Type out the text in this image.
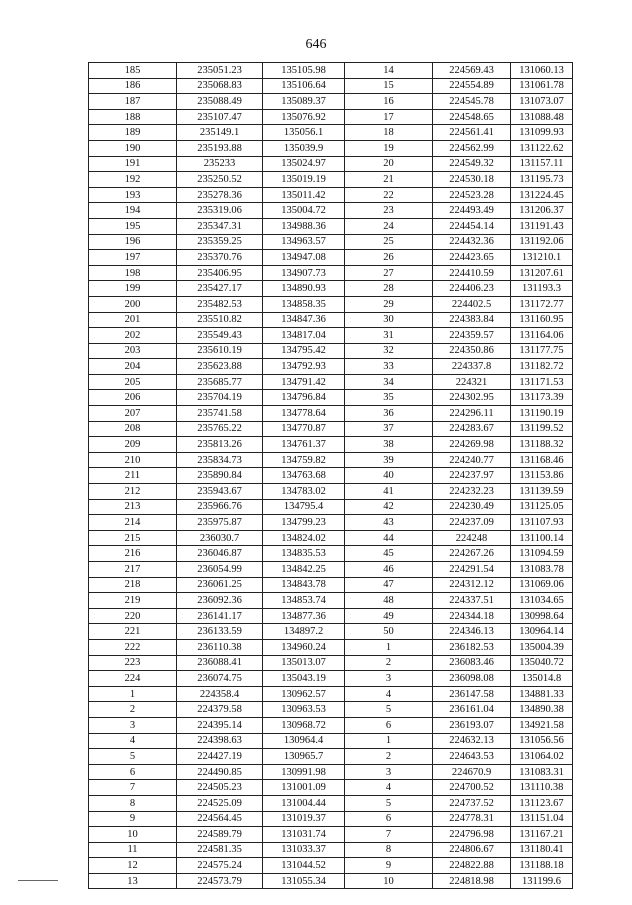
646
185	235051.23	135105.98	14	224569.43	131060.13
186	235068.83	135106.64	15	224554.89	131061.78
187	235088.49	135089.37	16	224545.78	131073.07
188	235107.47	135076.92	17	224548.65	131088.48
189	235149.1	135056.1	18	224561.41	131099.93
190	235193.88	135039.9	19	224562.99	131122.62
191	235233	135024.97	20	224549.32	131157.11
192	235250.52	135019.19	21	224530.18	131195.73
193	235278.36	135011.42	22	224523.28	131224.45
194	235319.06	135004.72	23	224493.49	131206.37
195	235347.31	134988.36	24	224454.14	131191.43
196	235359.25	134963.57	25	224432.36	131192.06
197	235370.76	134947.08	26	224423.65	131210.1
198	235406.95	134907.73	27	224410.59	131207.61
199	235427.17	134890.93	28	224406.23	131193.3
200	235482.53	134858.35	29	224402.5	131172.77
201	235510.82	134847.36	30	224383.84	131160.95
202	235549.43	134817.04	31	224359.57	131164.06
203	235610.19	134795.42	32	224350.86	131177.75
204	235623.88	134792.93	33	224337.8	131182.72
205	235685.77	134791.42	34	224321	131171.53
206	235704.19	134796.84	35	224302.95	131173.39
207	235741.58	134778.64	36	224296.11	131190.19
208	235765.22	134770.87	37	224283.67	131199.52
209	235813.26	134761.37	38	224269.98	131188.32
210	235834.73	134759.82	39	224240.77	131168.46
211	235890.84	134763.68	40	224237.97	131153.86
212	235943.67	134783.02	41	224232.23	131139.59
213	235966.76	134795.4	42	224230.49	131125.05
214	235975.87	134799.23	43	224237.09	131107.93
215	236030.7	134824.02	44	224248	131100.14
216	236046.87	134835.53	45	224267.26	131094.59
217	236054.99	134842.25	46	224291.54	131083.78
218	236061.25	134843.78	47	224312.12	131069.06
219	236092.36	134853.74	48	224337.51	131034.65
220	236141.17	134877.36	49	224344.18	130998.64
221	236133.59	134897.2	50	224346.13	130964.14
222	236110.38	134960.24	1	236182.53	135004.39
223	236088.41	135013.07	2	236083.46	135040.72
224	236074.75	135043.19	3	236098.08	135014.8
1	224358.4	130962.57	4	236147.58	134881.33
2	224379.58	130963.53	5	236161.04	134890.38
3	224395.14	130968.72	6	236193.07	134921.58
4	224398.63	130964.4	1	224632.13	131056.56
5	224427.19	130965.7	2	224643.53	131064.02
6	224490.85	130991.98	3	224670.9	131083.31
7	224505.23	131001.09	4	224700.52	131110.38
8	224525.09	131004.44	5	224737.52	131123.67
9	224564.45	131019.37	6	224778.31	131151.04
10	224589.79	131031.74	7	224796.98	131167.21
11	224581.35	131033.37	8	224806.67	131180.41
12	224575.24	131044.52	9	224822.88	131188.18
13	224573.79	131055.34	10	224818.98	131199.6
